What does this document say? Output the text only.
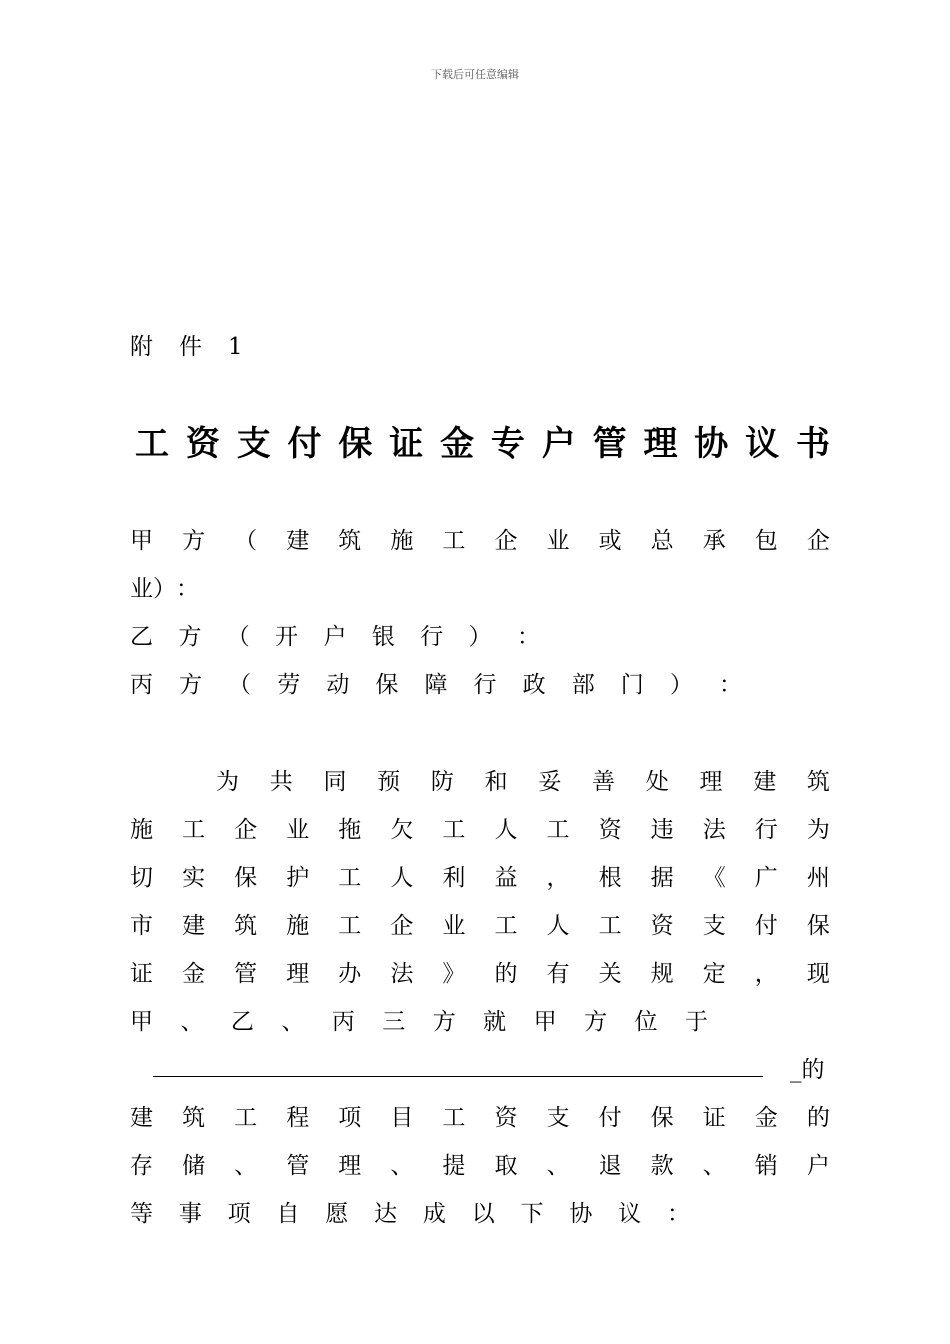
下载后可任意编辑
附 件 1
工 资 支 付 保 证 金 专 户 管 理 协 议 书
甲 方 （ 建 筑 施 工 企 业 或 总 承 包 企
业 ） ：
乙 方 （ 开 户 银 行 ） ：
丙 方 （ 劳 动 保 障 行 政 部 门 ） ：
为 共 同 预 防 和 妥 善 处 理 建 筑
施 工 企 业 拖 欠 工 人 工 资 违 法 行 为
切 实 保 护 工 人 利 益 ， 根 据 《 广 州
市 建 筑 施 工 企 业 工 人 工 资 支 付 保
证 金 管 理 办 法 》 的 有 关 规 定 ， 现
甲 、 乙 、 丙 三 方 就 甲 方 位 于
_的
建 筑 工 程 项 目 工 资 支 付 保 证 金 的
存 储 、 管 理 、 提 取 、 退 款 、 销 户
等 事 项 自 愿 达 成 以 下 协 议 ：
